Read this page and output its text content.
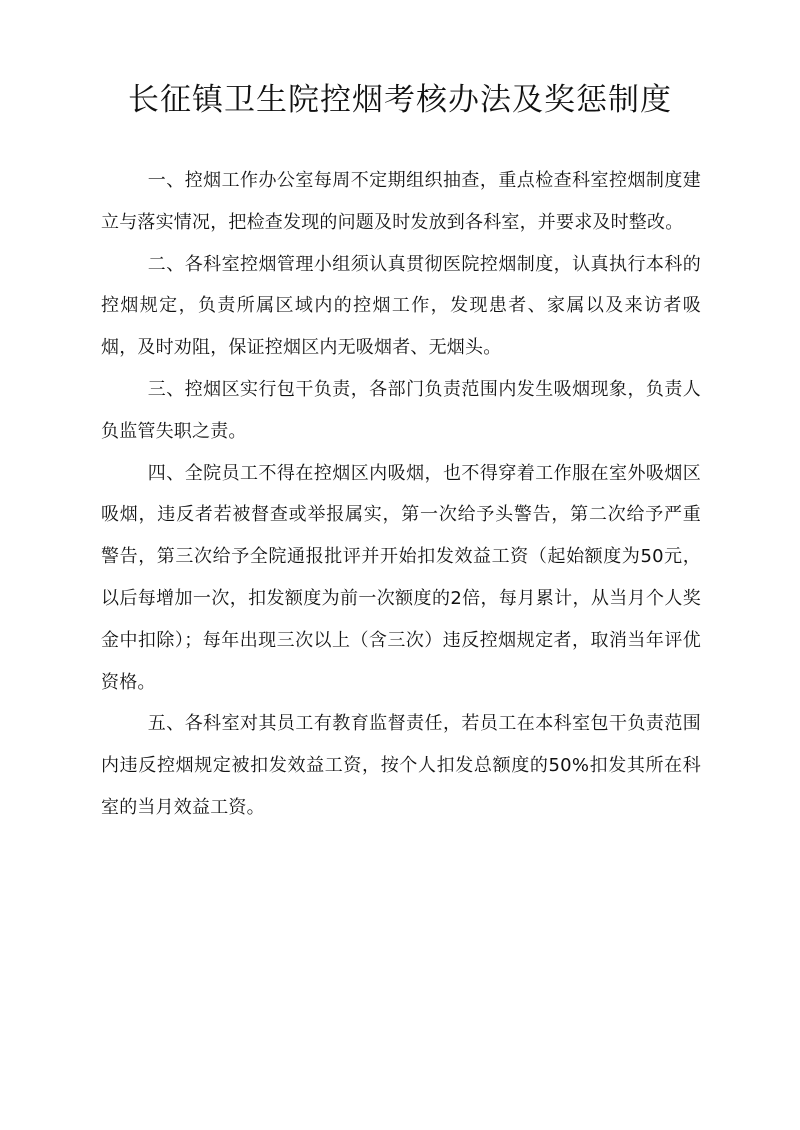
长征镇卫生院控烟考核办法及奖惩制度

一、控烟工作办公室每周不定期组织抽查，重点检查科室控烟制度建立与落实情况，把检查发现的问题及时发放到各科室，并要求及时整改。

二、各科室控烟管理小组须认真贯彻医院控烟制度，认真执行本科的控烟规定，负责所属区域内的控烟工作，发现患者、家属以及来访者吸烟，及时劝阻，保证控烟区内无吸烟者、无烟头。

三、控烟区实行包干负责，各部门负责范围内发生吸烟现象，负责人负监管失职之责。

四、全院员工不得在控烟区内吸烟，也不得穿着工作服在室外吸烟区吸烟，违反者若被督查或举报属实，第一次给予头警告，第二次给予严重警告，第三次给予全院通报批评并开始扣发效益工资（起始额度为50元，以后每增加一次，扣发额度为前一次额度的2倍，每月累计，从当月个人奖金中扣除）；每年出现三次以上（含三次）违反控烟规定者，取消当年评优资格。

五、各科室对其员工有教育监督责任，若员工在本科室包干负责范围内违反控烟规定被扣发效益工资，按个人扣发总额度的50%扣发其所在科室的当月效益工资。
